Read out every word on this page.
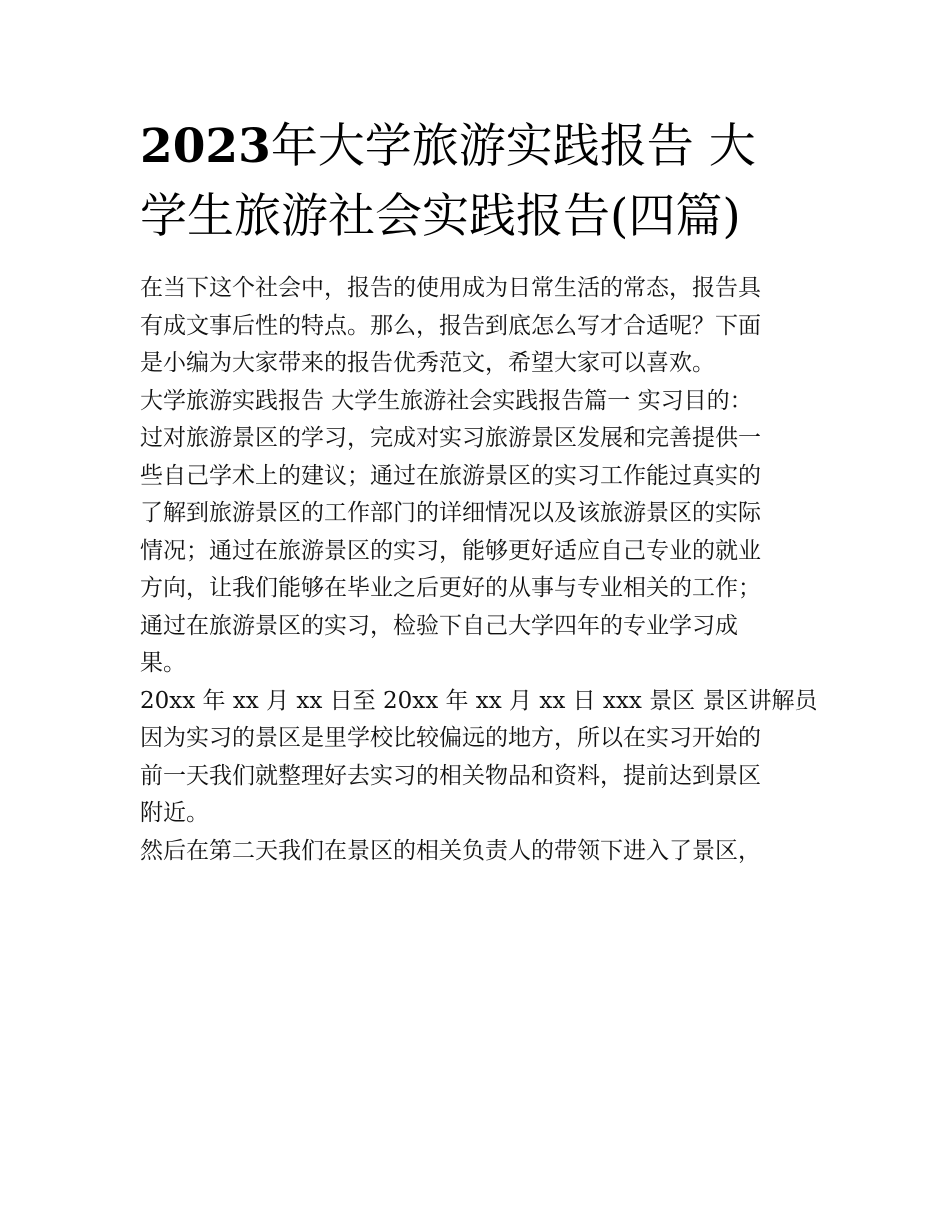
2023年大学旅游实践报告 大
学生旅游社会实践报告(四篇)

在当下这个社会中，报告的使用成为日常生活的常态，报告具
有成文事后性的特点。那么，报告到底怎么写才合适呢？下面
是小编为大家带来的报告优秀范文，希望大家可以喜欢。

大学旅游实践报告 大学生旅游社会实践报告篇一 实习目的：
过对旅游景区的学习，完成对实习旅游景区发展和完善提供一
些自己学术上的建议；通过在旅游景区的实习工作能过真实的
了解到旅游景区的工作部门的详细情况以及该旅游景区的实际
情况；通过在旅游景区的实习，能够更好适应自己专业的就业
方向，让我们能够在毕业之后更好的从事与专业相关的工作；
通过在旅游景区的实习，检验下自己大学四年的专业学习成
果。

20xx 年 xx 月 xx 日至 20xx 年 xx 月 xx 日 xxx 景区 景区讲解员
因为实习的景区是里学校比较偏远的地方，所以在实习开始的
前一天我们就整理好去实习的相关物品和资料，提前达到景区
附近。

然后在第二天我们在景区的相关负责人的带领下进入了景区，
